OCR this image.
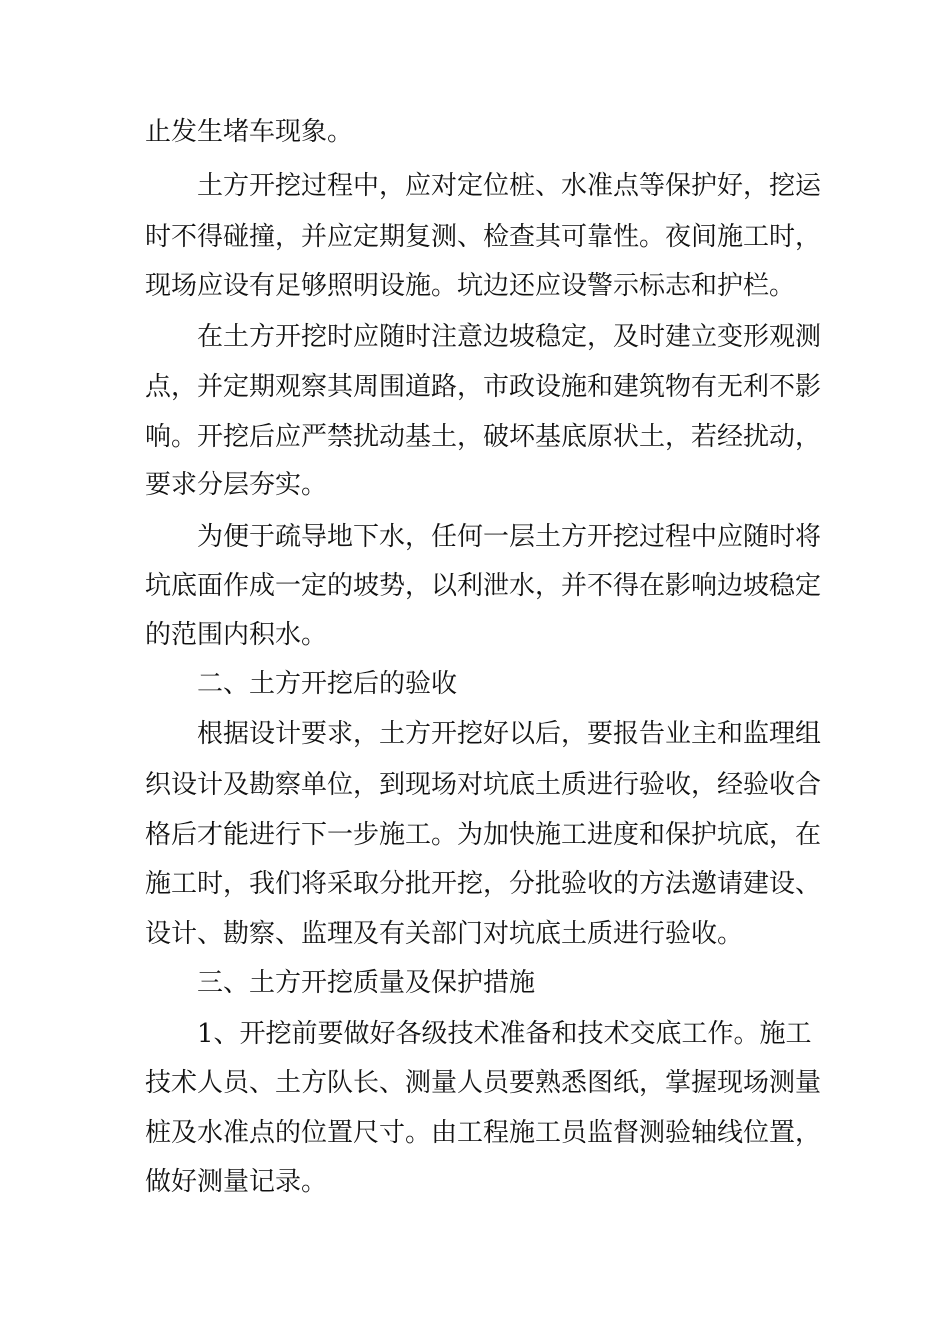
止发生堵车现象。

土方开挖过程中，应对定位桩、水准点等保护好，挖运

时不得碰撞，并应定期复测、检查其可靠性。夜间施工时，

现场应设有足够照明设施。坑边还应设警示标志和护栏。

在土方开挖时应随时注意边坡稳定，及时建立变形观测

点，并定期观察其周围道路，市政设施和建筑物有无利不影

响。开挖后应严禁扰动基土，破坏基底原状土，若经扰动，

要求分层夯实。

为便于疏导地下水，任何一层土方开挖过程中应随时将

坑底面作成一定的坡势，以利泄水，并不得在影响边坡稳定

的范围内积水。

二、土方开挖后的验收

根据设计要求，土方开挖好以后，要报告业主和监理组

织设计及勘察单位，到现场对坑底土质进行验收，经验收合

格后才能进行下一步施工。为加快施工进度和保护坑底，在

施工时，我们将采取分批开挖，分批验收的方法邀请建设、

设计、勘察、监理及有关部门对坑底土质进行验收。

三、土方开挖质量及保护措施

1、开挖前要做好各级技术准备和技术交底工作。施工

技术人员、土方队长、测量人员要熟悉图纸，掌握现场测量

桩及水准点的位置尺寸。由工程施工员监督测验轴线位置，

做好测量记录。
